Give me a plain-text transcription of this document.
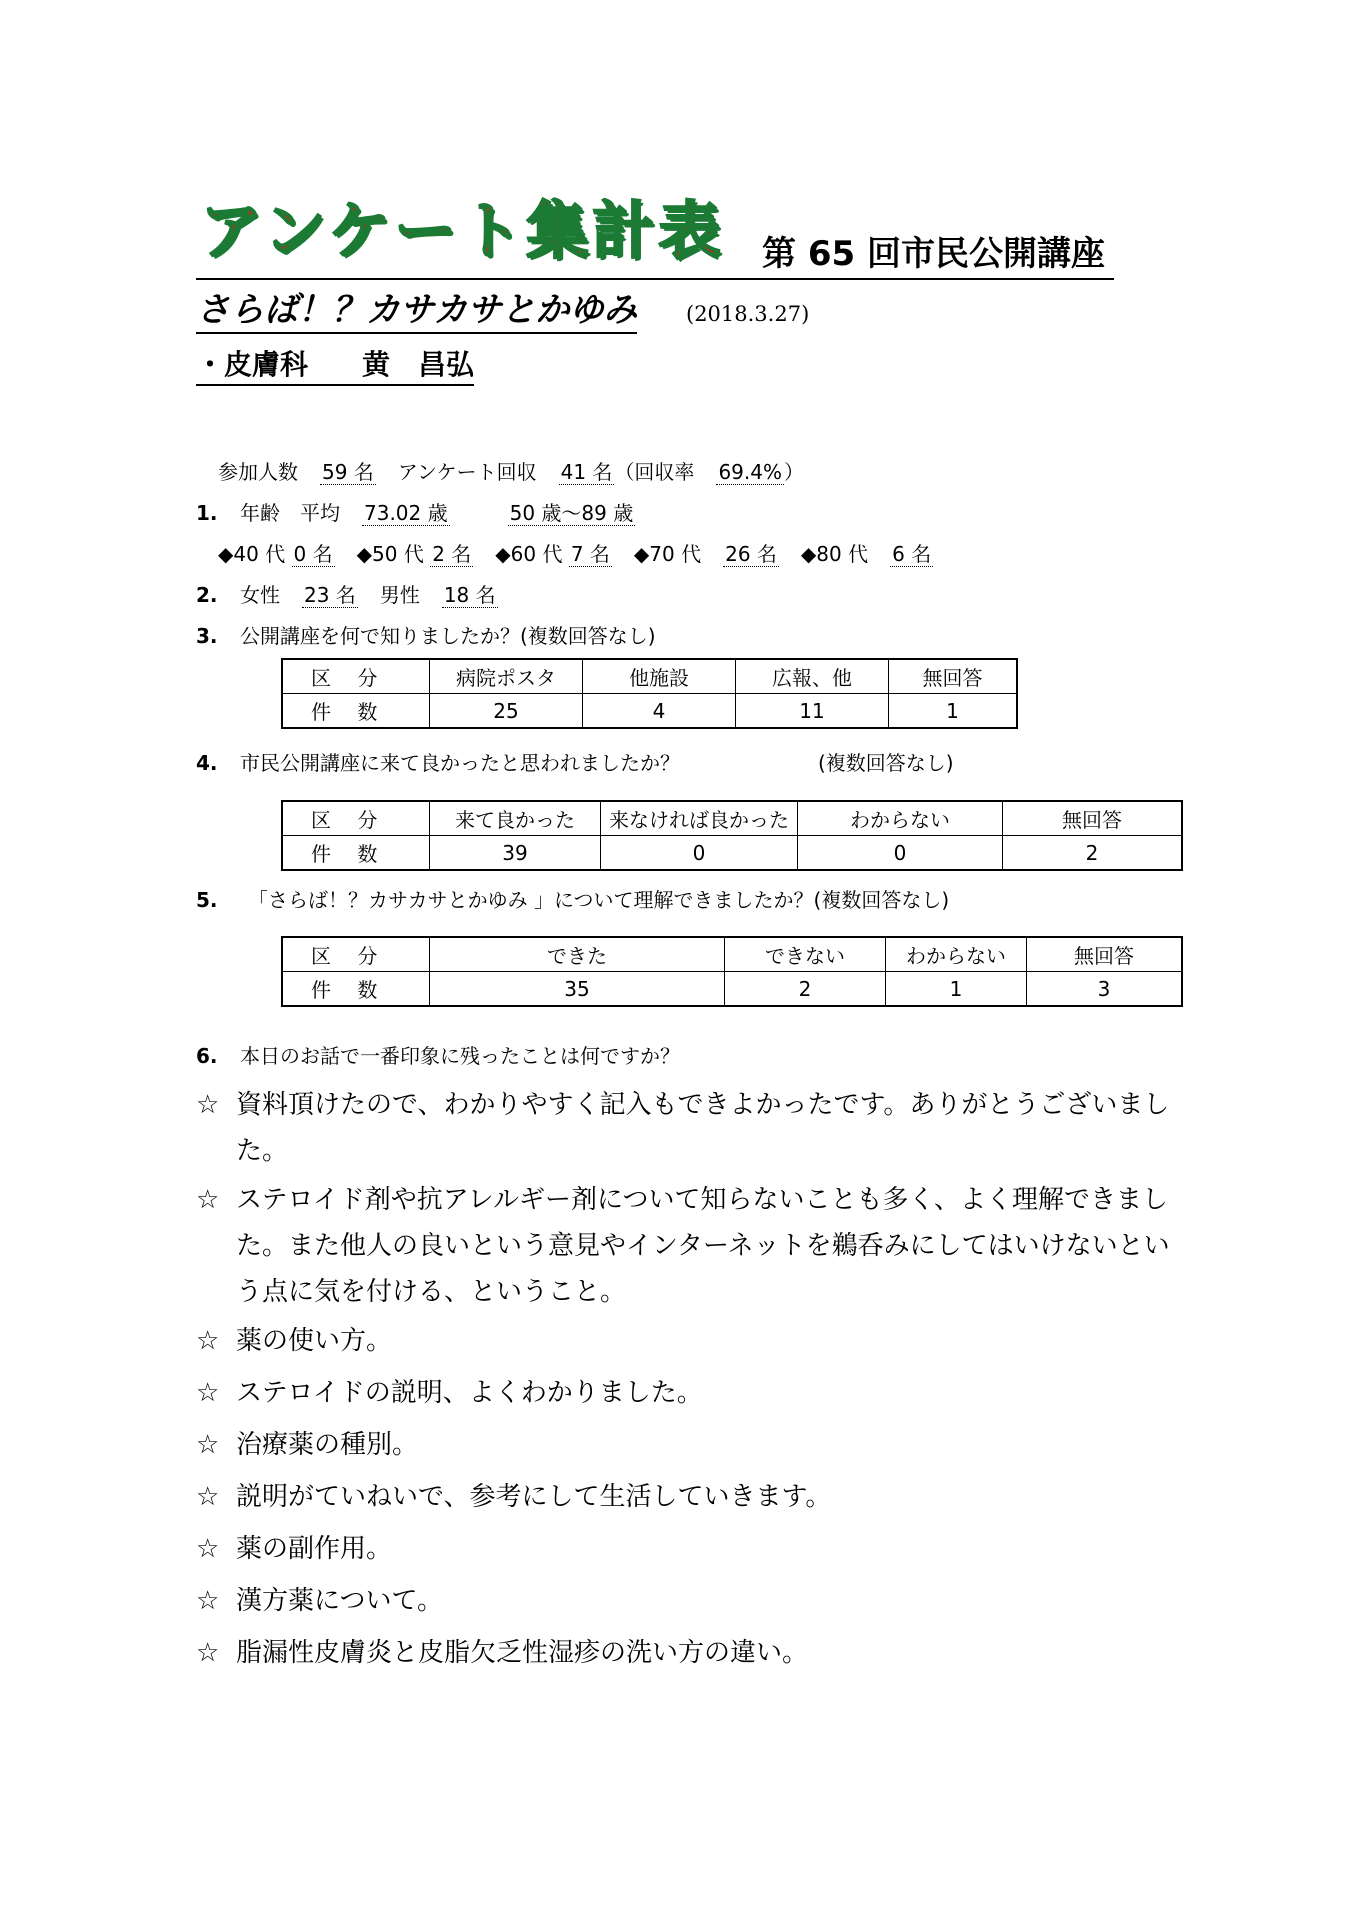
アンケート集計表 第 65 回市民公開講座
さらば！？カサカサとかゆみ (2018.3.27)
・皮膚科 黄　昌弘
参加人数 59 名 アンケート回収 41 名 （回収率 69.4% ）
1. 年齢　平均 73.02 歳	50 歳～89 歳
◆40 代 0 名 ◆50 代 2 名 ◆60 代 7 名 ◆70 代 26 名 ◆80 代 6 名
2. 女性 23 名 男性 18 名
3. 公開講座を何で知りましたか？(複数回答なし)
区 分	病院ポスタ	他施設	広報、他	無回答
件 数	25	4	11	1
4. 市民公開講座に来て良かったと思われましたか？	(複数回答なし)
区 分	来て良かった	来なければ良かった	わからない	無回答
件 数	39	0	0	2
5. 「さらば！？カサカサとかゆみ 」について理解できましたか？(複数回答なし)
区 分	できた	できない	わからない	無回答
件 数	35	2	1	3
6. 本日のお話で一番印象に残ったことは何ですか？
☆ 資料頂けたので、わかりやすく記入もできよかったです。ありがとうございました。
☆ ステロイド剤や抗アレルギー剤について知らないことも多く、よく理解できました。また他人の良いという意見やインターネットを鵜呑みにしてはいけないという点に気を付ける、ということ。
☆ 薬の使い方。
☆ ステロイドの説明、よくわかりました。
☆ 治療薬の種別。
☆ 説明がていねいで、参考にして生活していきます。
☆ 薬の副作用。
☆ 漢方薬について。
☆ 脂漏性皮膚炎と皮脂欠乏性湿疹の洗い方の違い。
